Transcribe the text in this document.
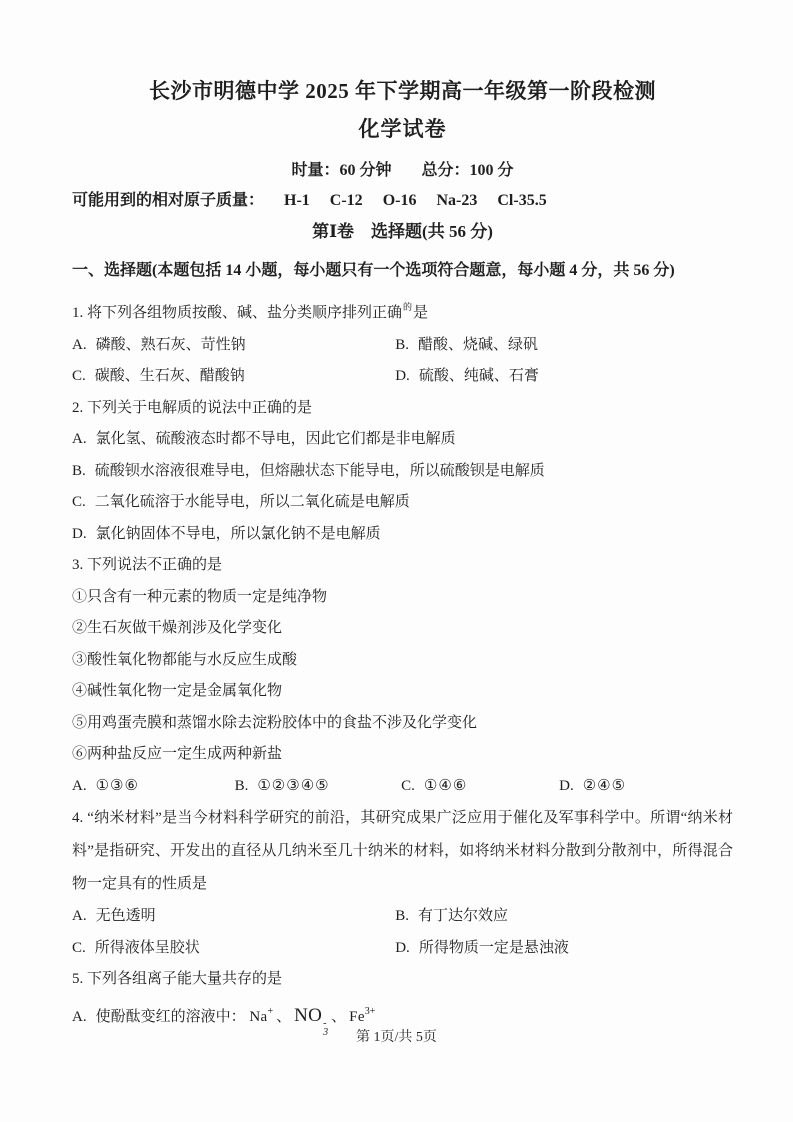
长沙市明德中学 2025 年下学期高一年级第一阶段检测
化学试卷
时量：60 分钟 总分：100 分
可能用到的相对原子质量： H-1 C-12 O-16 Na-23 Cl-35.5
第Ⅰ卷　选择题(共 56 分)
一、选择题(本题包括 14 小题，每小题只有一个选项符合题意，每小题 4 分，共 56 分)
1. 将下列各组物质按酸、碱、盐分类顺序排列正确$^的$是
A. 磷酸、熟石灰、苛性钠	B. 醋酸、烧碱、绿矾
C. 碳酸、生石灰、醋酸钠	D. 硫酸、纯碱、石膏
2. 下列关于电解质的说法中正确的是
A. 氯化氢、硫酸液态时都不导电，因此它们都是非电解质
B. 硫酸钡水溶液很难导电，但熔融状态下能导电，所以硫酸钡是电解质
C. 二氧化硫溶于水能导电，所以二氧化硫是电解质
D. 氯化钠固体不导电，所以氯化钠不是电解质
3. 下列说法不正确的是
①只含有一种元素的物质一定是纯净物
②生石灰做干燥剂涉及化学变化
③酸性氧化物都能与水反应生成酸
④碱性氧化物一定是金属氧化物
⑤用鸡蛋壳膜和蒸馏水除去淀粉胶体中的食盐不涉及化学变化
⑥两种盐反应一定生成两种新盐
A. ①③⑥	B. ①②③④⑤	C. ①④⑥	D. ②④⑤
4. “纳米材料”是当今材料科学研究的前沿，其研究成果广泛应用于催化及军事科学中。所谓“纳米材料”是指研究、开发出的直径从几纳米至几十纳米的材料，如将纳米材料分散到分散剂中，所得混合物一定具有的性质是
A. 无色透明	B. 有丁达尔效应
C. 所得液体呈胶状	D. 所得物质一定是悬浊液
5. 下列各组离子能大量共存的是
A. 使酚酞变红的溶液中： Na+ 、 NO -
3
、 $Fe^{3+}$
第 1页/共 5页
